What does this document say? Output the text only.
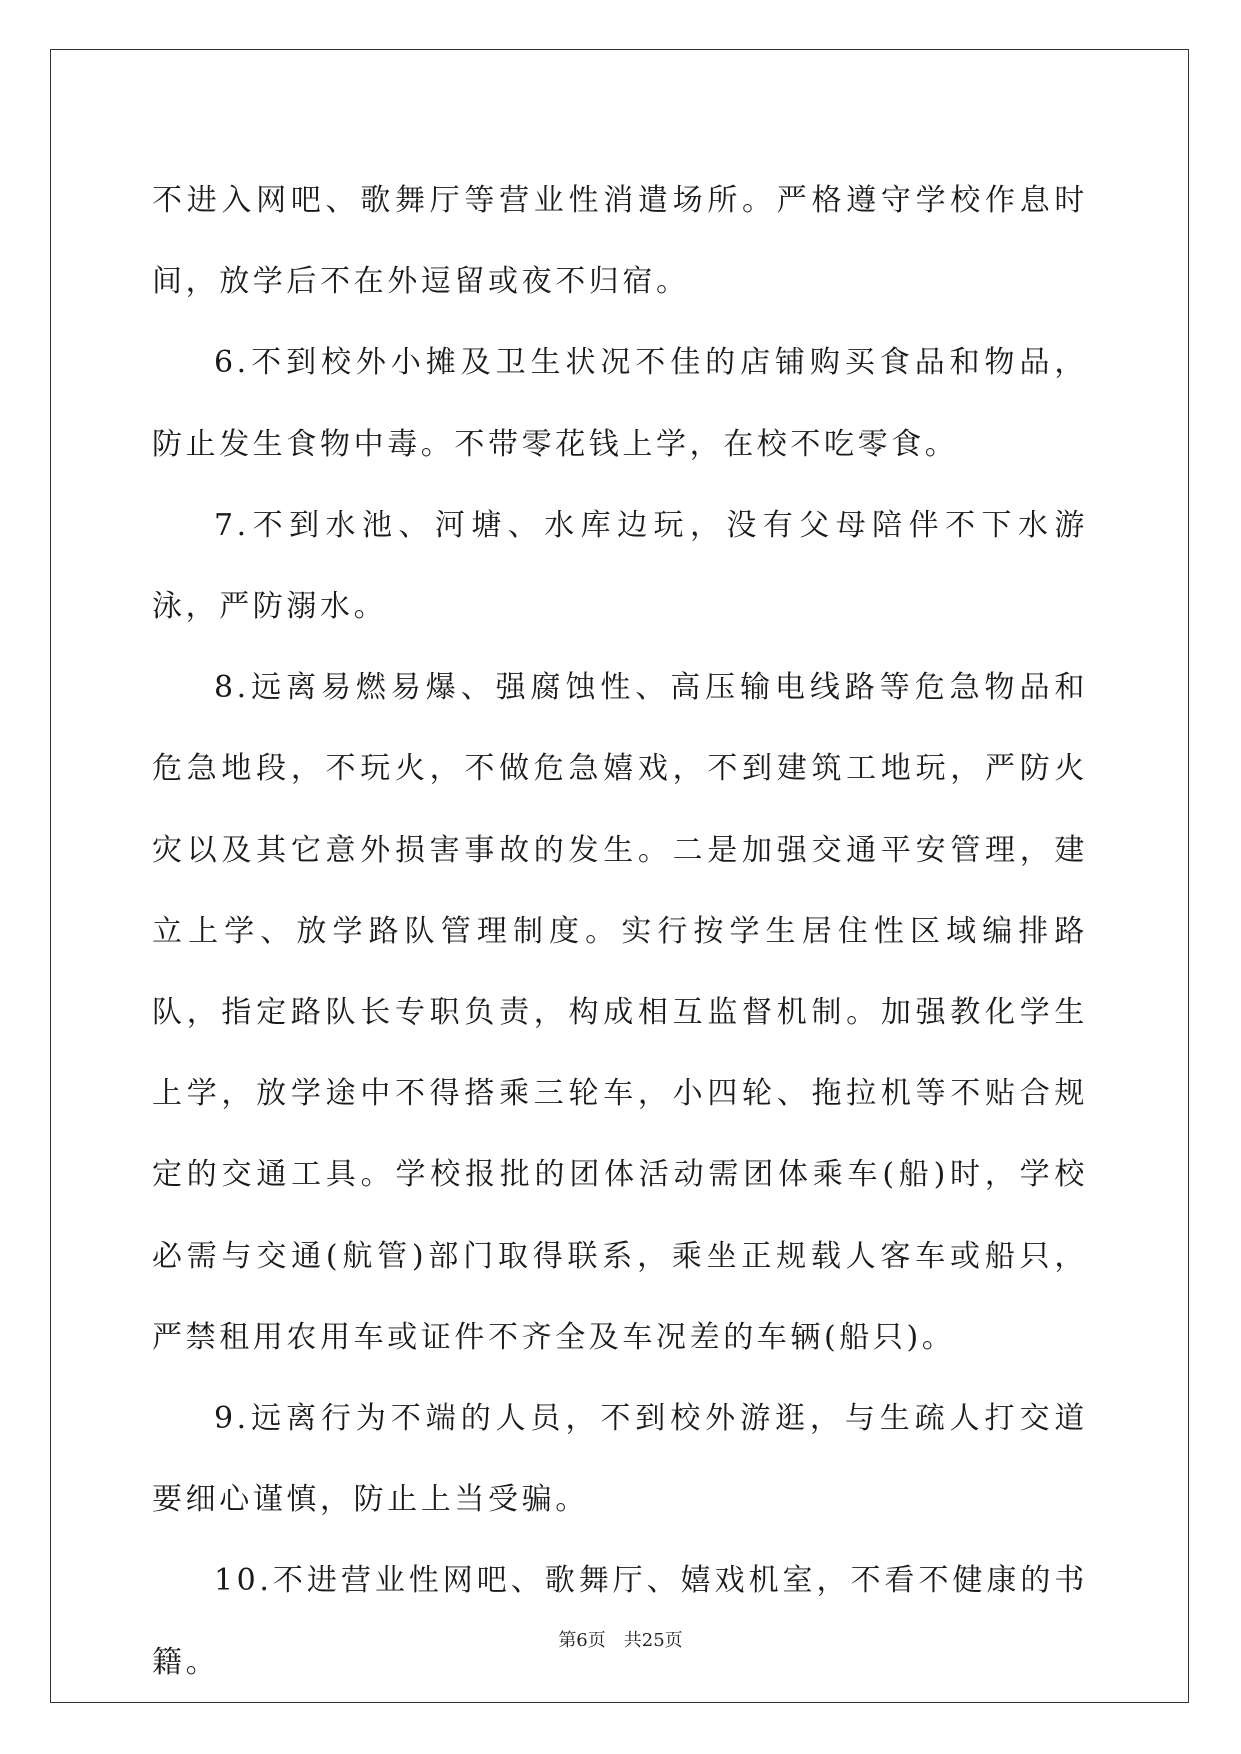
不进入网吧、歌舞厅等营业性消遣场所。严格遵守学校作息时间，放学后不在外逗留或夜不归宿。

6.不到校外小摊及卫生状况不佳的店铺购买食品和物品，防止发生食物中毒。不带零花钱上学，在校不吃零食。

7.不到水池、河塘、水库边玩，没有父母陪伴不下水游泳，严防溺水。

8.远离易燃易爆、强腐蚀性、高压输电线路等危急物品和危急地段，不玩火，不做危急嬉戏，不到建筑工地玩，严防火灾以及其它意外损害事故的发生。二是加强交通平安管理，建立上学、放学路队管理制度。实行按学生居住性区域编排路队，指定路队长专职负责，构成相互监督机制。加强教化学生上学，放学途中不得搭乘三轮车，小四轮、拖拉机等不贴合规定的交通工具。学校报批的团体活动需团体乘车(船)时，学校必需与交通(航管)部门取得联系，乘坐正规载人客车或船只，严禁租用农用车或证件不齐全及车况差的车辆(船只)。

9.远离行为不端的人员，不到校外游逛，与生疏人打交道要细心谨慎，防止上当受骗。

10.不进营业性网吧、歌舞厅、嬉戏机室，不看不健康的书籍。

第6页 共25页
